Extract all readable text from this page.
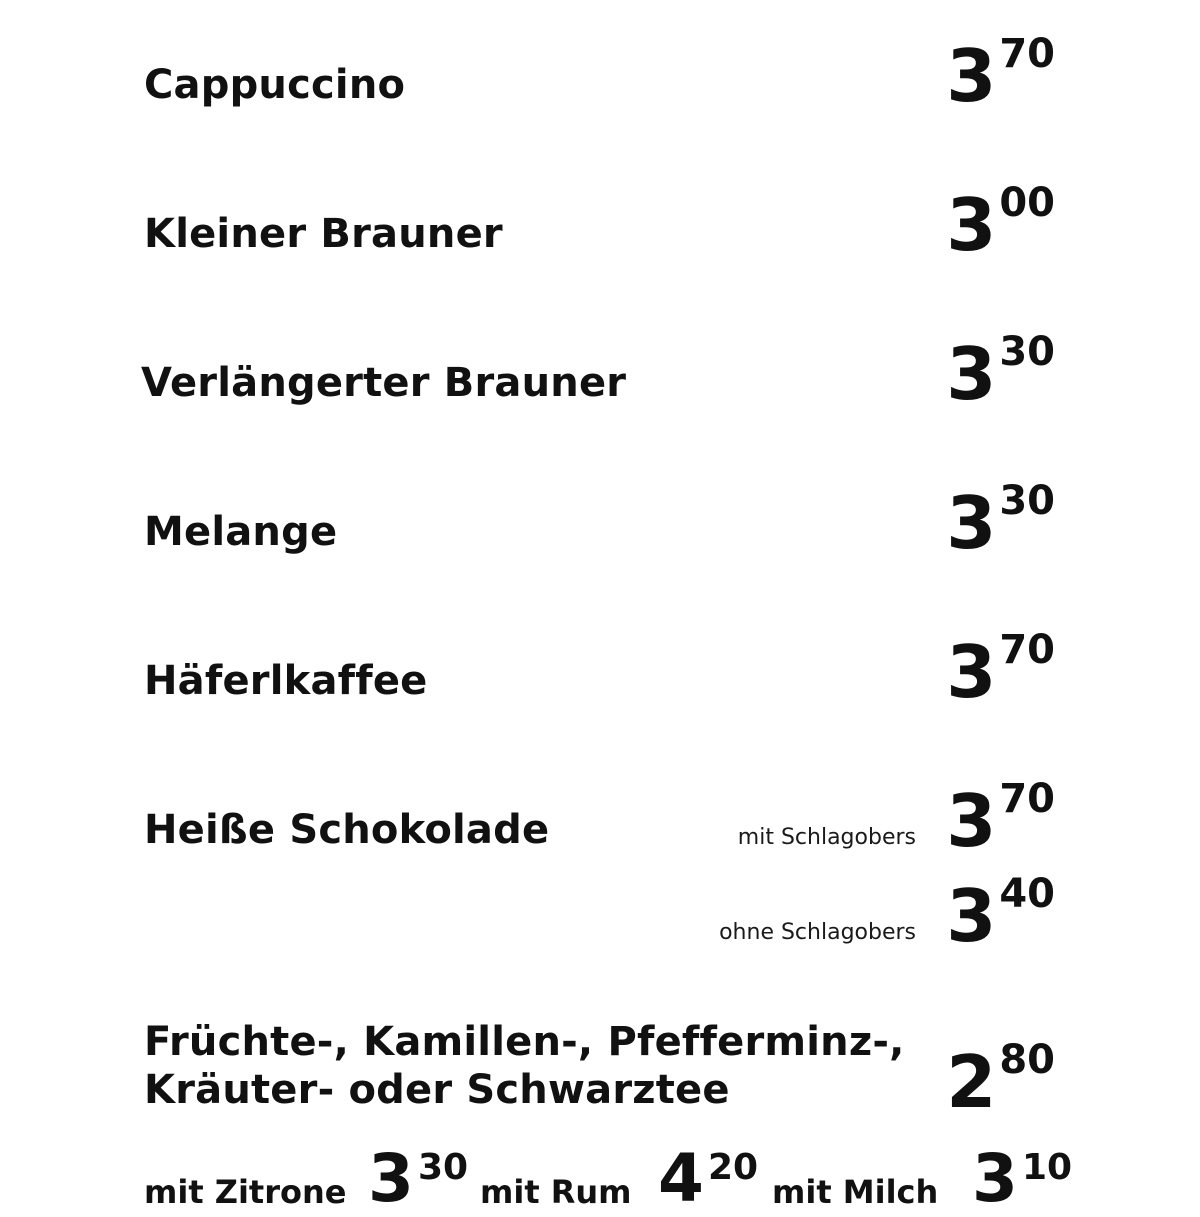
Cappuccino	3 70
Kleiner Brauner	3 00
Verlängerter Brauner	3 30
Melange	3 30
Häferlkaffee	3 70
Heiße Schokolade	mit Schlagobers 3 70
ohne Schlagobers 3 40
Früchte-, Kamillen-, Pfefferminz-,
Kräuter- oder Schwarztee	2 80
mit Zitrone 3 30
mit Rum 4 20
mit Milch 3 10
